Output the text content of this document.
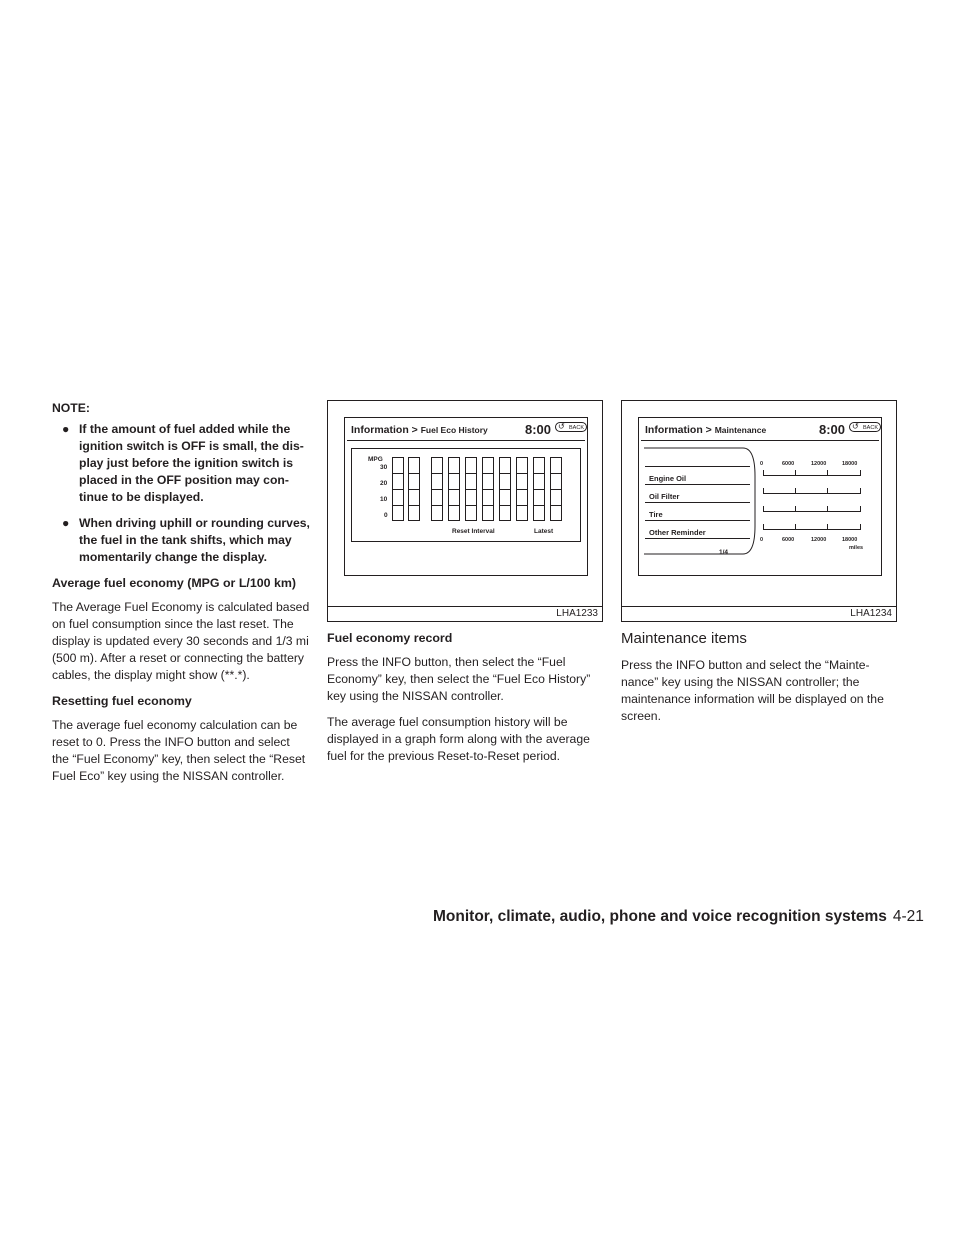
NOTE:

● If the amount of fuel added while the ignition switch is OFF is small, the dis-play just before the ignition switch is placed in the OFF position may con-tinue to be displayed.
● When driving uphill or rounding curves, the fuel in the tank shifts, which may momentarily change the display.
Average fuel economy (MPG or L/100 km)

The Average Fuel Economy is calculated based on fuel consumption since the last reset. The display is updated every 30 seconds and 1/3 mi (500 m). After a reset or connecting the battery cables, the display might show (**.*).

Resetting fuel economy

The average fuel economy calculation can be reset to 0. Press the INFO button and select the “Fuel Economy” key, then select the “Reset Fuel Eco” key using the NISSAN controller.

Information > Fuel Eco History	8:00 ↺ BACK
MPG
30
20
10
0
Reset Interval	Latest
LHA1233
Fuel economy record

Press the INFO button, then select the “Fuel Economy” key, then select the “Fuel Eco History” key using the NISSAN controller.

The average fuel consumption history will be displayed in a graph form along with the average fuel for the previous Reset-to-Reset period.

Information > Maintenance	8:00 ↺ BACK
Engine Oil
Oil Filter
Tire
Other Reminder
0	6000	12000	18000
0	6000	12000	18000
miles
1/4
LHA1234
Maintenance items

Press the INFO button and select the “Mainte-nance” key using the NISSAN controller; the maintenance information will be displayed on the screen.

Monitor, climate, audio, phone and voice recognition systems 4-21
